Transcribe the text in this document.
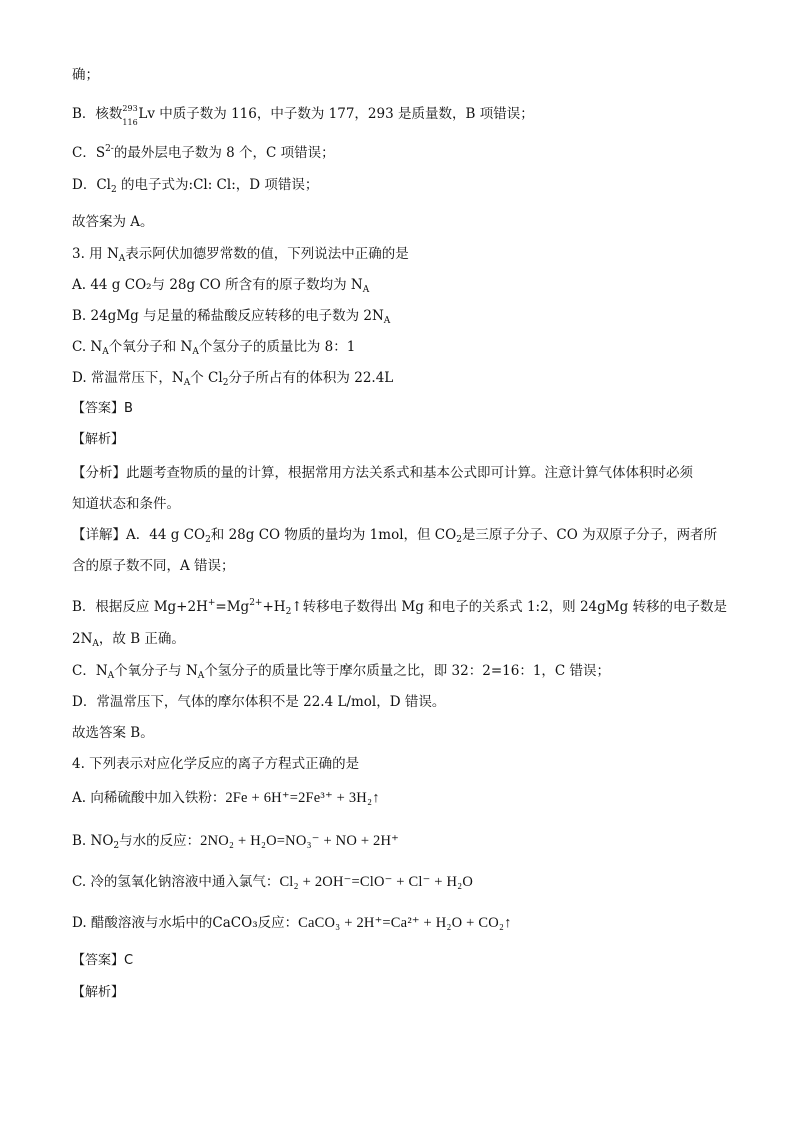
确；
B．核数 293
116
Lv 中质子数为 116，中子数为 177，293 是质量数，B 项错误；
C．$S^{2-}$的最外层电子数为 8 个，C 项错误；
D．$Cl_2$ 的电子式为:Cl: Cl:，D 项错误；
故答案为 A。
3. 用 $N_A$表示阿伏加德罗常数的值，下列说法中正确的是
A. 44 g CO₂与 28g CO 所含有的原子数均为 $N_A$
B. 24gMg 与足量的稀盐酸反应转移的电子数为 $2N_A$
C. $N_A$个氧分子和 $N_A$个氢分子的质量比为 8：1
D. 常温常压下，$N_A$个 $Cl_2$分子所占有的体积为 22.4L
【答案】B
【解析】
【分析】此题考查物质的量的计算，根据常用方法关系式和基本公式即可计算。注意计算气体体积时必须
知道状态和条件。
【详解】A．44 g $CO_2$和 28g CO 物质的量均为 1mol，但 $CO_2$是三原子分子、CO 为双原子分子，两者所
含的原子数不同，A 错误；
B．根据反应 $Mg+2H^+=Mg^{2+}+H_2↑$转移电子数得出 Mg 和电子的关系式 1:2，则 24gMg 转移的电子数是
$2N_A$，故 B 正确。
C．$N_A$个氧分子与 $N_A$个氢分子的质量比等于摩尔质量之比，即 32：2=16：1，C 错误；
D．常温常压下，气体的摩尔体积不是 22.4 L/mol，D 错误。
故选答案 B。
4. 下列表示对应化学反应的离子方程式正确的是
A. 向稀硫酸中加入铁粉：2Fe + 6H⁺=2Fe³⁺ + 3H₂↑
B. $NO_2$与水的反应：2NO₂ + H₂O=NO₃⁻ + NO + 2H⁺
C. 冷的氢氧化钠溶液中通入氯气：Cl₂ + 2OH⁻=ClO⁻ + Cl⁻ + H₂O
D. 醋酸溶液与水垢中的CaCO₃反应：CaCO₃ + 2H⁺=Ca²⁺ + H₂O + CO₂↑
【答案】C
【解析】
